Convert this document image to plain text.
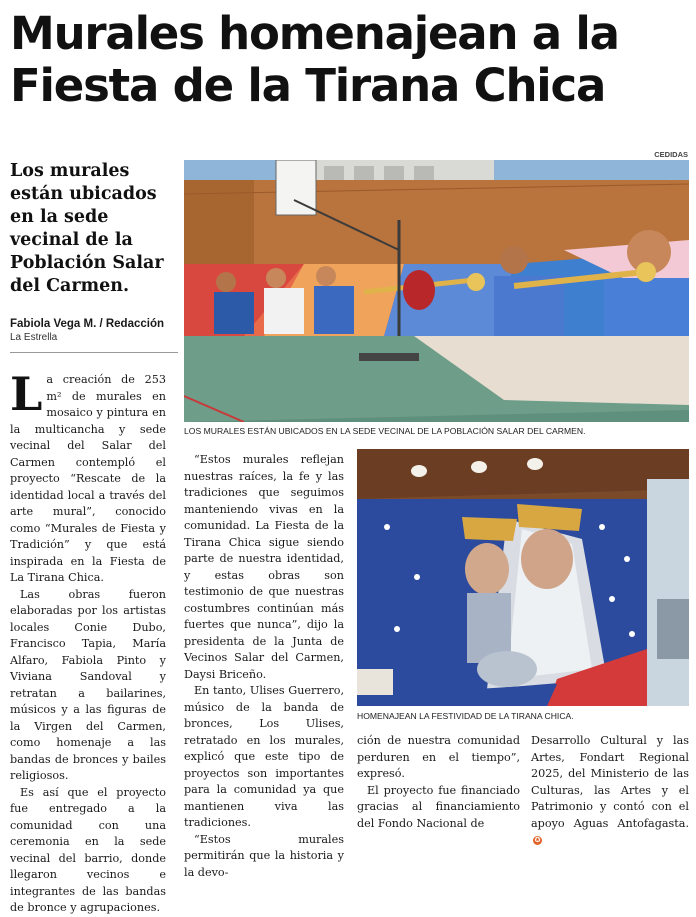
Murales homenajean a la
Fiesta de la Tirana Chica
Los murales están ubicados en la sede vecinal de la Población Salar del Carmen.
Fabiola Vega M. / Redacción
La Estrella
CEDIDAS
LOS MURALES ESTÁN UBICADOS EN LA SEDE VECINAL DE LA POBLACIÓN SALAR DEL CARMEN.
HOMENAJEAN LA FESTIVIDAD DE LA TIRANA CHICA.

La creación de 253 m² de murales en mosaico y pintura en la multicancha y sede vecinal del Salar del Carmen contempló el proyecto “Rescate de la identidad local a través del arte mural”, conocido como “Murales de Fiesta y Tradición” y que está inspirada en la Fiesta de La Tirana Chica.

Las obras fueron elaboradas por los artistas locales Conie Dubo, Francisco Tapia, María Alfaro, Fabiola Pinto y Viviana Sandoval y retratan a bailarines, músicos y a las figuras de la Virgen del Carmen, como homenaje a las bandas de bronces y bailes religiosos.

Es así que el proyecto fue entregado a la comunidad con una ceremonia en la sede vecinal del barrio, donde llegaron vecinos e integrantes de las bandas de bronce y agrupaciones.

“Estos murales reflejan nuestras raíces, la fe y las tradiciones que seguimos manteniendo vivas en la comunidad. La Fiesta de la Tirana Chica sigue siendo parte de nuestra identidad, y estas obras son testimonio de que nuestras costumbres continúan más fuertes que nunca”, dijo la presidenta de la Junta de Vecinos Salar del Carmen, Daysi Briceño.

En tanto, Ulises Guerrero, músico de la banda de bronces, Los Ulises, retratado en los murales, explicó que este tipo de proyectos son importantes para la comunidad ya que mantienen viva las tradiciones.

“Estos murales permitirán que la historia y la devo-

ción de nuestra comunidad perduren en el tiempo”, expresó.

El proyecto fue financiado gracias al financiamiento del Fondo Nacional de

Desarrollo Cultural y las Artes, Fondart Regional 2025, del Ministerio de las Culturas, las Artes y el Patrimonio y contó con el apoyo Aguas Antofagasta.✪
